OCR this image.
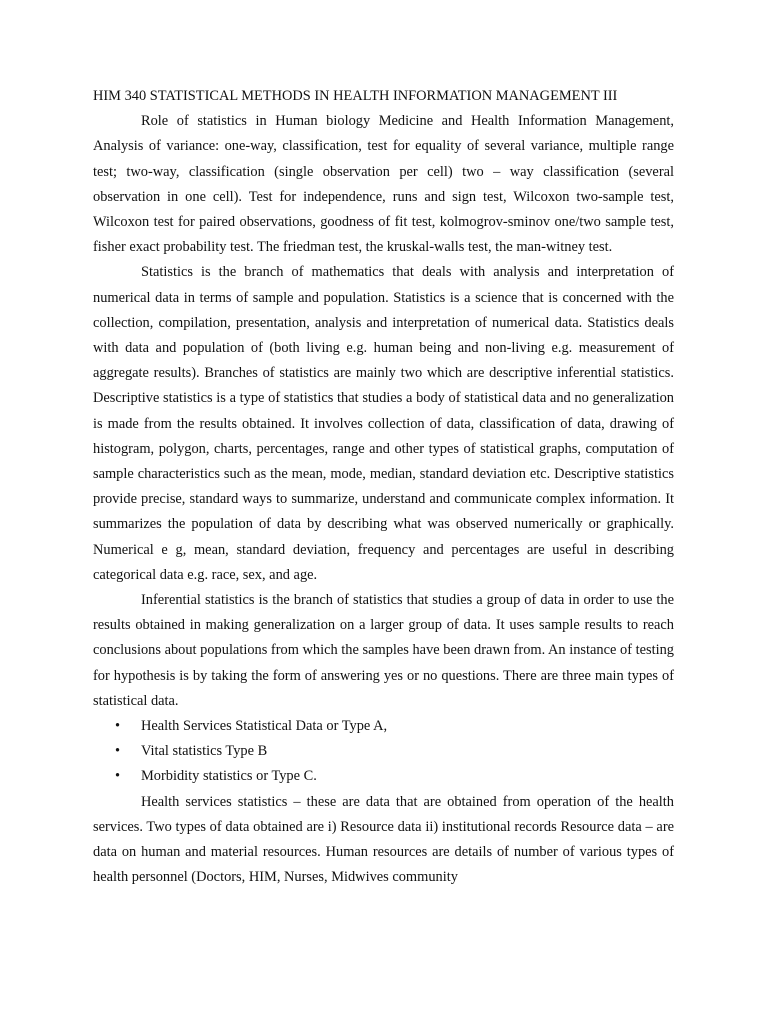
HIM 340 STATISTICAL METHODS IN HEALTH INFORMATION MANAGEMENT III

Role of statistics in Human biology Medicine and Health Information Management, Analysis of variance: one-way, classification, test for equality of several variance, multiple range test; two-way, classification (single observation per cell) two – way classification (several observation in one cell). Test for independence, runs and sign test, Wilcoxon two-sample test, Wilcoxon test for paired observations, goodness of fit test, kolmogrov-sminov one/two sample test, fisher exact probability test. The friedman test, the kruskal-walls test, the man-witney test.

Statistics is the branch of mathematics that deals with analysis and interpretation of numerical data in terms of sample and population. Statistics is a science that is concerned with the collection, compilation, presentation, analysis and interpretation of numerical data. Statistics deals with data and population of (both living e.g. human being and non-living e.g. measurement of aggregate results). Branches of statistics are mainly two which are descriptive inferential statistics. Descriptive statistics is a type of statistics that studies a body of statistical data and no generalization is made from the results obtained. It involves collection of data, classification of data, drawing of histogram, polygon, charts, percentages, range and other types of statistical graphs, computation of sample characteristics such as the mean, mode, median, standard deviation etc. Descriptive statistics provide precise, standard ways to summarize, understand and communicate complex information. It summarizes the population of data by describing what was observed numerically or graphically. Numerical e g, mean, standard deviation, frequency and percentages are useful in describing categorical data e.g. race, sex, and age.

Inferential statistics is the branch of statistics that studies a group of data in order to use the results obtained in making generalization on a larger group of data. It uses sample results to reach conclusions about populations from which the samples have been drawn from. An instance of testing for hypothesis is by taking the form of answering yes or no questions. There are three main types of statistical data.

• Health Services Statistical Data or Type A,
• Vital statistics Type B
• Morbidity statistics or Type C.

Health services statistics – these are data that are obtained from operation of the health services. Two types of data obtained are i) Resource data ii) institutional records Resource data – are data on human and material resources. Human resources are details of number of various types of health personnel (Doctors, HIM, Nurses, Midwives community
